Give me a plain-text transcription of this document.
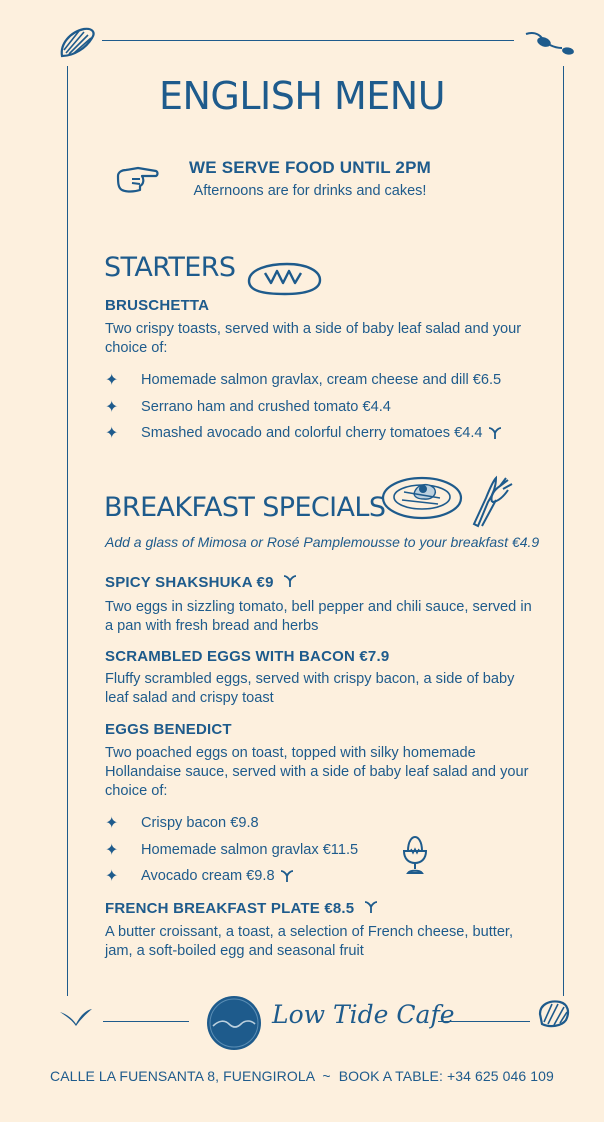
ENGLISH MENU
WE SERVE FOOD UNTIL 2PM
Afternoons are for drinks and cakes!
STARTERS
BRUSCHETTA
Two crispy toasts, served with a side of baby leaf salad and your choice of:
✦	Homemade salmon gravlax, cream cheese and dill €6.5
✦	Serrano ham and crushed tomato €4.4
✦	Smashed avocado and colorful cherry tomatoes €4.4
BREAKFAST SPECIALS
Add a glass of Mimosa or Rosé Pamplemousse to your breakfast €4.9
SPICY SHAKSHUKA €9
Two eggs in sizzling tomato, bell pepper and chili sauce, served in a pan with fresh bread and herbs
SCRAMBLED EGGS WITH BACON €7.9
Fluffy scrambled eggs, served with crispy bacon, a side of baby leaf salad and crispy toast
EGGS BENEDICT
Two poached eggs on toast, topped with silky homemade Hollandaise sauce, served with a side of baby leaf salad and your choice of:
✦	Crispy bacon €9.8
✦	Homemade salmon gravlax €11.5
✦	Avocado cream €9.8
FRENCH BREAKFAST PLATE €8.5
A butter croissant, a toast, a selection of French cheese, butter, jam, a soft-boiled egg and seasonal fruit
Low Tide Cafe
CALLE LA FUENSANTA 8, FUENGIROLA ~ BOOK A TABLE: +34 625 046 109
